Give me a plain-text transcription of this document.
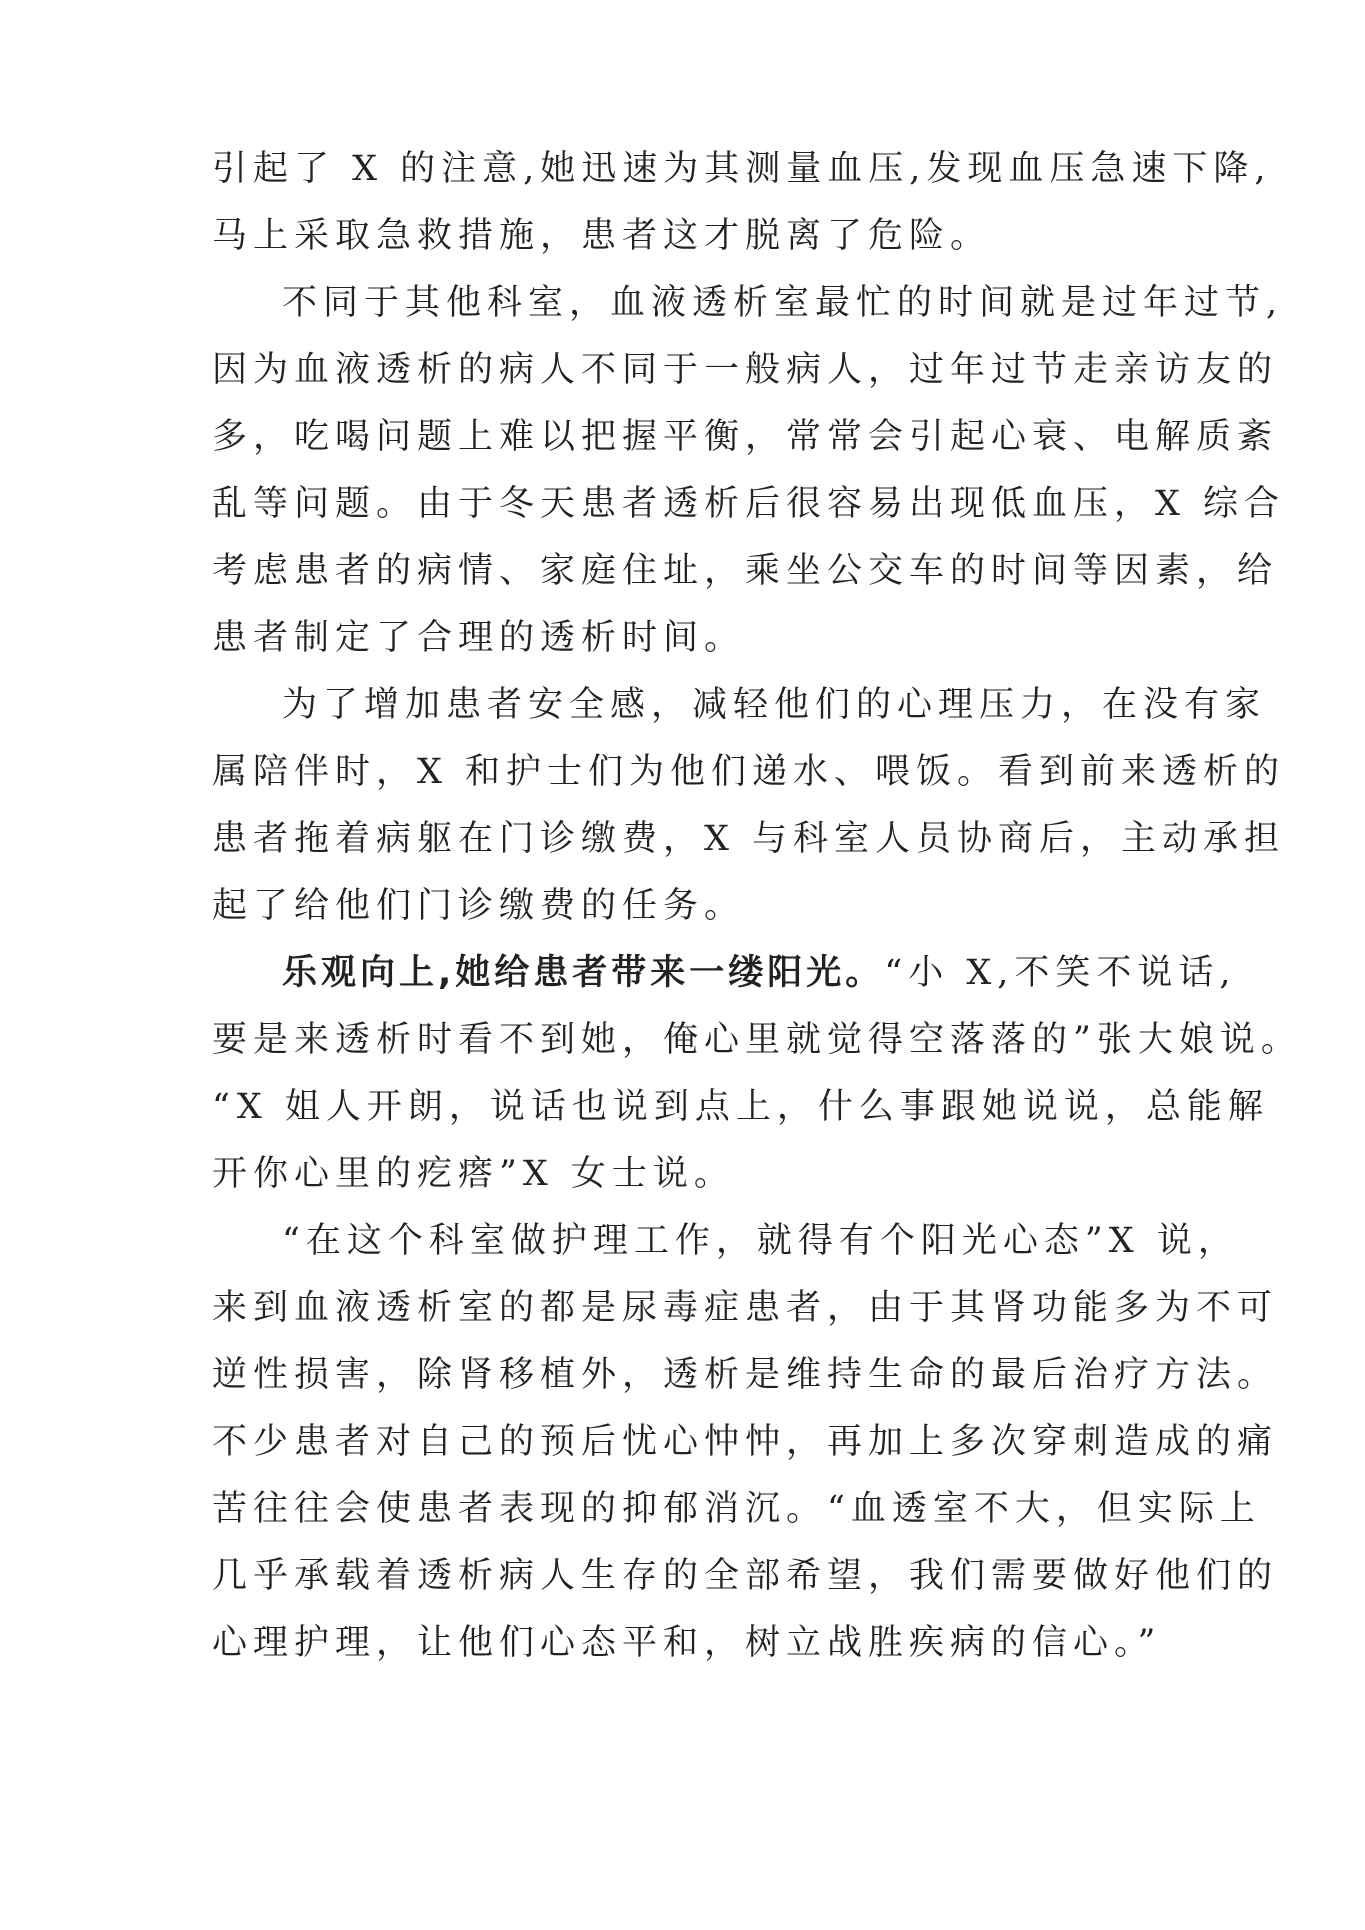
引起了 X 的注意,她迅速为其测量血压,发现血压急速下降,
马上采取急救措施，患者这才脱离了危险。
不同于其他科室，血液透析室最忙的时间就是过年过节,
因为血液透析的病人不同于一般病人，过年过节走亲访友的
多，吃喝问题上难以把握平衡，常常会引起心衰、电解质紊
乱等问题。由于冬天患者透析后很容易出现低血压，X 综合
考虑患者的病情、家庭住址，乘坐公交车的时间等因素，给
患者制定了合理的透析时间。
为了增加患者安全感，减轻他们的心理压力，在没有家
属陪伴时，X 和护士们为他们递水、喂饭。看到前来透析的
患者拖着病躯在门诊缴费，X 与科室人员协商后，主动承担
起了给他们门诊缴费的任务。
乐观向上,她给患者带来一缕阳光。“小 X,不笑不说话,
要是来透析时看不到她，俺心里就觉得空落落的”张大娘说。
“X 姐人开朗，说话也说到点上，什么事跟她说说，总能解
开你心里的疙瘩”X 女士说。
“在这个科室做护理工作，就得有个阳光心态”X 说，
来到血液透析室的都是尿毒症患者，由于其肾功能多为不可
逆性损害，除肾移植外，透析是维持生命的最后治疗方法。
不少患者对自己的预后忧心忡忡，再加上多次穿刺造成的痛
苦往往会使患者表现的抑郁消沉。“血透室不大，但实际上
几乎承载着透析病人生存的全部希望，我们需要做好他们的
心理护理，让他们心态平和，树立战胜疾病的信心。”
